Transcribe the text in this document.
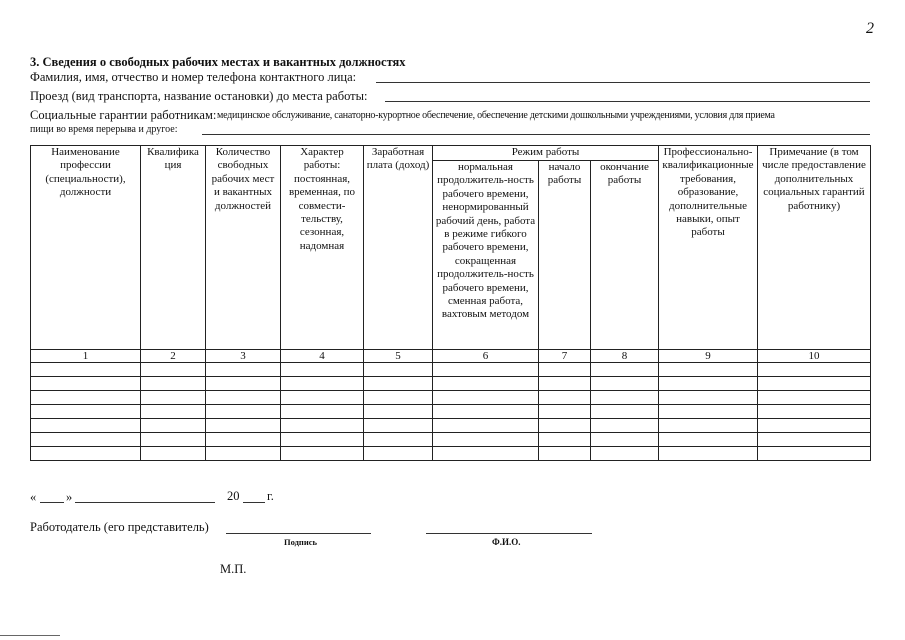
2
3. Сведения о свободных рабочих местах и вакантных должностях
Фамилия, имя, отчество и номер телефона контактного лица:
Проезд (вид транспорта, название остановки) до места работы:
Социальные гарантии работникам: медицинское обслуживание, санаторно-курортное обеспечение, обеспечение детскими дошкольными учреждениями, условия для приема
пищи во время перерыва и другое:
Наименование профессии (специальности), должности	Квалифика ция	Количество свободных рабочих мест и вакантных должностей	Характер работы: постоянная, временная, по совмести-тельству, сезонная, надомная	Заработная плата (доход)	Режим работы			Профессионально-квалификационные требования, образование, дополнительные навыки, опыт работы	Примечание (в том числе предоставление дополнительных социальных гарантий работнику)
					нормальная продолжитель-ность рабочего времени, ненормированный рабочий день, работа в режиме гибкого рабочего времени, сокращенная продолжитель-ность рабочего времени, сменная работа, вахтовым методом	начало работы	окончание работы		
1	2	3	4	5	6	7	8	9	10

« »	20 г.
Работодатель (его представитель)
Подпись	Ф.И.О.
М.П.
